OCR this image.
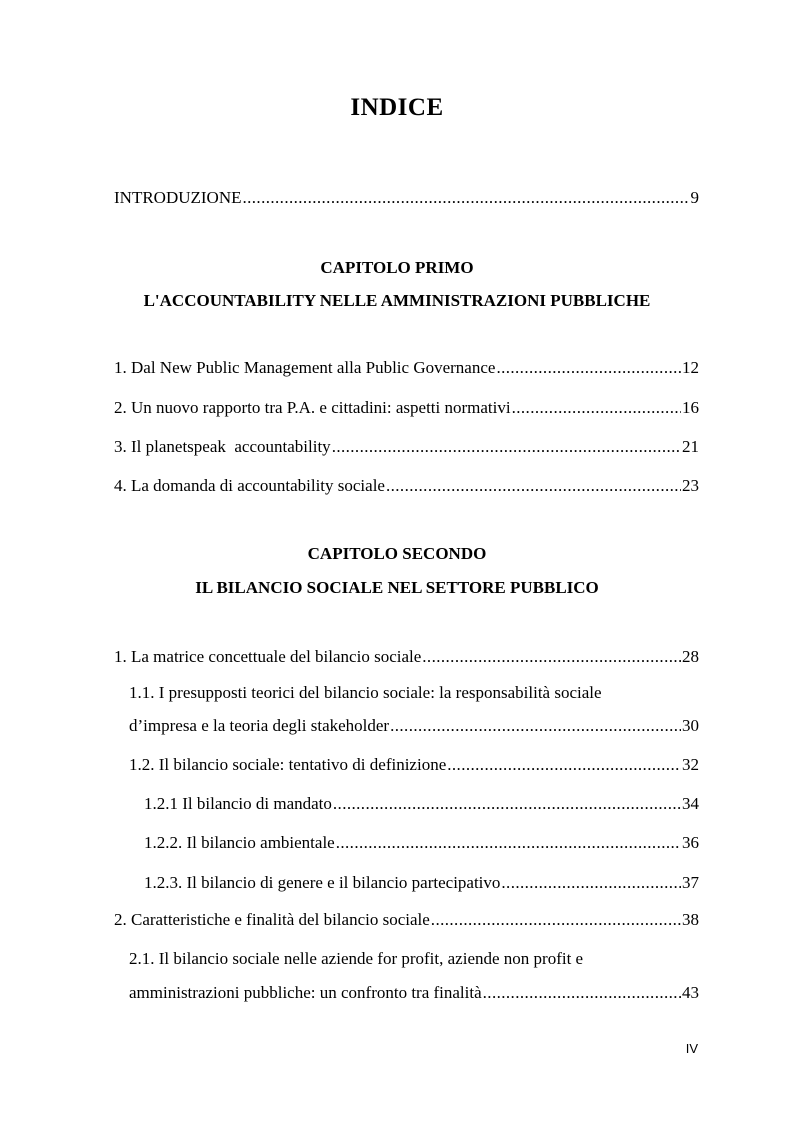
INDICE
INTRODUZIONE .....	9
CAPITOLO PRIMO
L'ACCOUNTABILITY NELLE AMMINISTRAZIONI PUBBLICHE
1. Dal New Public Management alla Public Governance .....	12
2. Un nuovo rapporto tra P.A. e cittadini: aspetti normativi .....	16
3. Il planetspeak  accountability .....	21
4. La domanda di accountability sociale .....	23
CAPITOLO SECONDO
IL BILANCIO SOCIALE NEL SETTORE PUBBLICO
1. La matrice concettuale del bilancio sociale .....	28
1.1. I presupposti teorici del bilancio sociale: la responsabilità sociale
d’impresa e la teoria degli stakeholder .....	30
1.2. Il bilancio sociale: tentativo di definizione .....	32
1.2.1 Il bilancio di mandato .....	34
1.2.2. Il bilancio ambientale .....	36
1.2.3. Il bilancio di genere e il bilancio partecipativo .....	37
2. Caratteristiche e finalità del bilancio sociale .....	38
2.1. Il bilancio sociale nelle aziende for profit, aziende non profit e
amministrazioni pubbliche: un confronto tra finalità .....	43
IV
